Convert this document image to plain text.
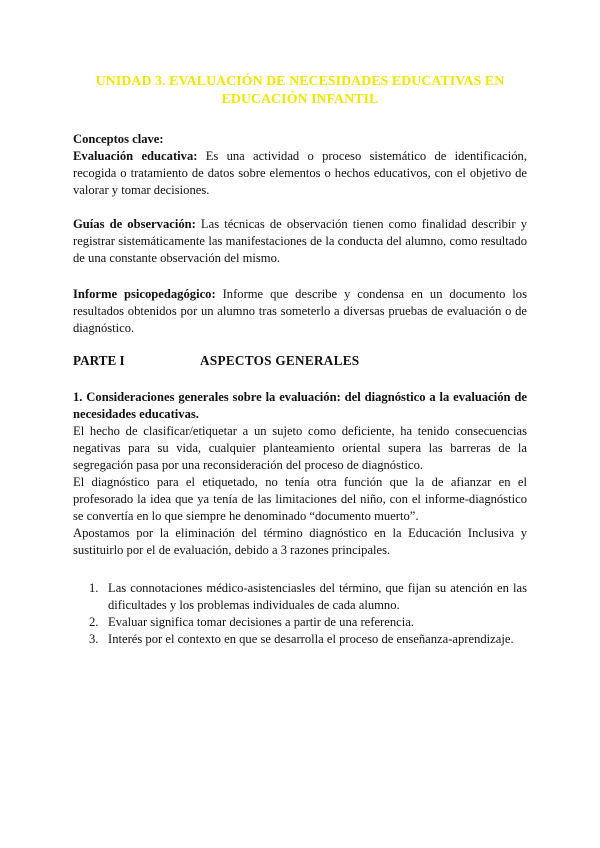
UNIDAD 3. EVALUACIÓN DE NECESIDADES EDUCATIVAS EN
EDUCACIÓN INFANTIL
Conceptos clave:
Evaluación educativa: Es una actividad o proceso sistemático de identificación, recogida o tratamiento de datos sobre elementos o hechos educativos, con el objetivo de valorar y tomar decisiones.
Guías de observación: Las técnicas de observación tienen como finalidad describir y registrar sistemáticamente las manifestaciones de la conducta del alumno, como resultado de una constante observación del mismo.
Informe psicopedagógico: Informe que describe y condensa en un documento los resultados obtenidos por un alumno tras someterlo a diversas pruebas de evaluación o de diagnóstico.
PARTE I	ASPECTOS GENERALES
1. Consideraciones generales sobre la evaluación: del diagnóstico a la evaluación de necesidades educativas.
El hecho de clasificar/etiquetar a un sujeto como deficiente, ha tenido consecuencias negativas para su vida, cualquier planteamiento oriental supera las barreras de la segregación pasa por una reconsideración del proceso de diagnóstico.
El diagnóstico para el etiquetado, no tenía otra función que la de afianzar en el profesorado la idea que ya tenía de las limitaciones del niño, con el informe-diagnóstico se convertía en lo que siempre he denominado “documento muerto”.
Apostamos por la eliminación del término diagnóstico en la Educación Inclusiva y sustituirlo por el de evaluación, debido a 3 razones principales.
1. Las connotaciones médico-asistenciasles del término, que fijan su atención en las dificultades y los problemas individuales de cada alumno.
2. Evaluar significa tomar decisiones a partir de una referencia.
3. Interés por el contexto en que se desarrolla el proceso de enseñanza-aprendizaje.
